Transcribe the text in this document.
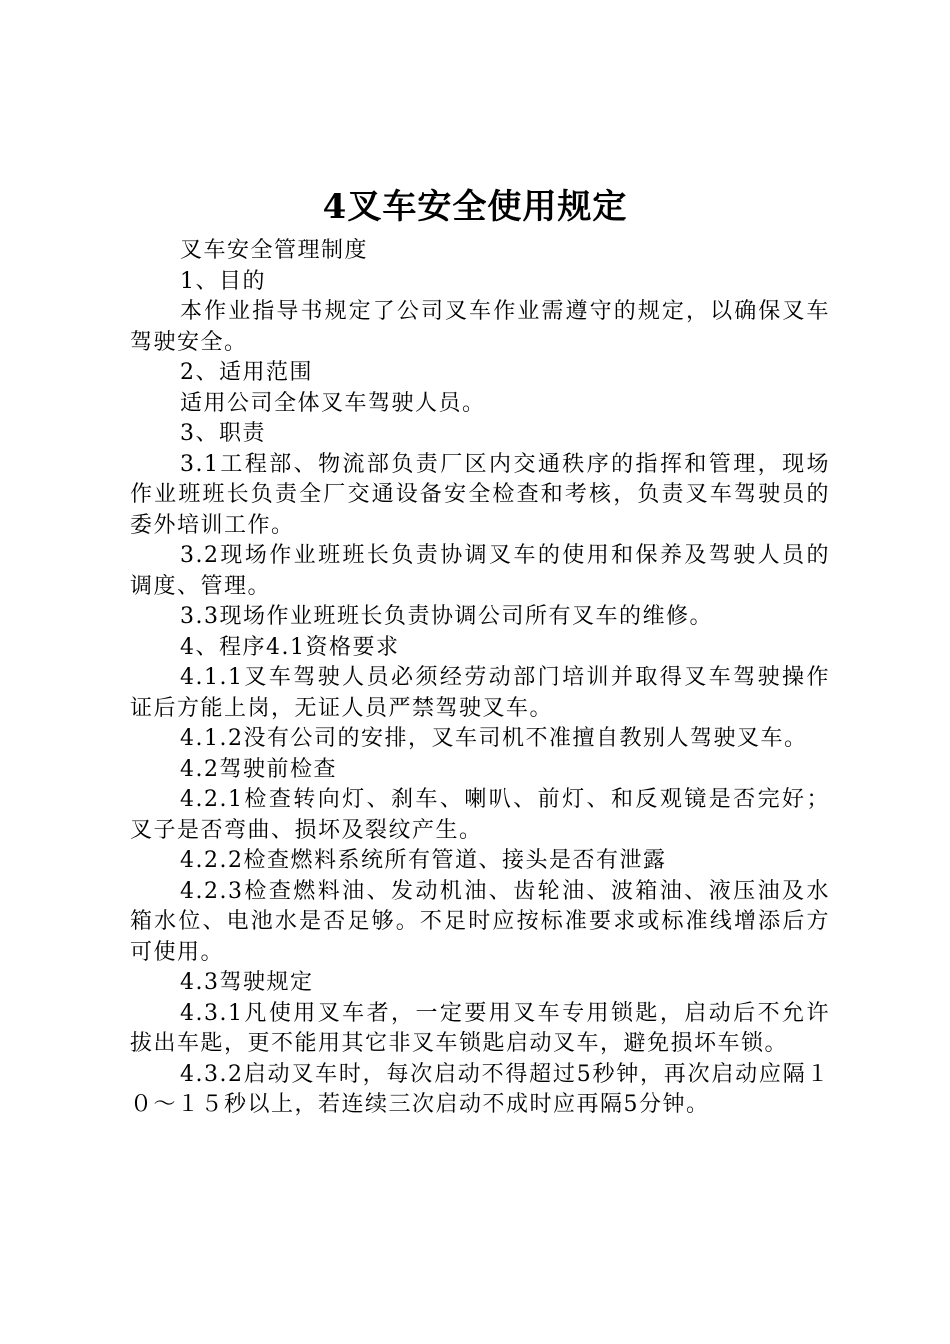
4叉车安全使用规定

叉车安全管理制度

1、目的

本作业指导书规定了公司叉车作业需遵守的规定，以确保叉车驾驶安全。

2、适用范围

适用公司全体叉车驾驶人员。

3、职责

3.1工程部、物流部负责厂区内交通秩序的指挥和管理，现场作业班班长负责全厂交通设备安全检查和考核，负责叉车驾驶员的委外培训工作。

3.2现场作业班班长负责协调叉车的使用和保养及驾驶人员的调度、管理。

3.3现场作业班班长负责协调公司所有叉车的维修。

4、程序4.1资格要求

4.1.1叉车驾驶人员必须经劳动部门培训并取得叉车驾驶操作证后方能上岗，无证人员严禁驾驶叉车。

4.1.2没有公司的安排，叉车司机不准擅自教别人驾驶叉车。

4.2驾驶前检查

4.2.1检查转向灯、刹车、喇叭、前灯、和反观镜是否完好；叉子是否弯曲、损坏及裂纹产生。

4.2.2检查燃料系统所有管道、接头是否有泄露

4.2.3检查燃料油、发动机油、齿轮油、波箱油、液压油及水箱水位、电池水是否足够。不足时应按标准要求或标准线增添后方可使用。

4.3驾驶规定

4.3.1凡使用叉车者，一定要用叉车专用锁匙，启动后不允许拔出车匙，更不能用其它非叉车锁匙启动叉车，避免损坏车锁。

4.3.2启动叉车时，每次启动不得超过5秒钟，再次启动应隔１０～１５秒以上，若连续三次启动不成时应再隔5分钟。
